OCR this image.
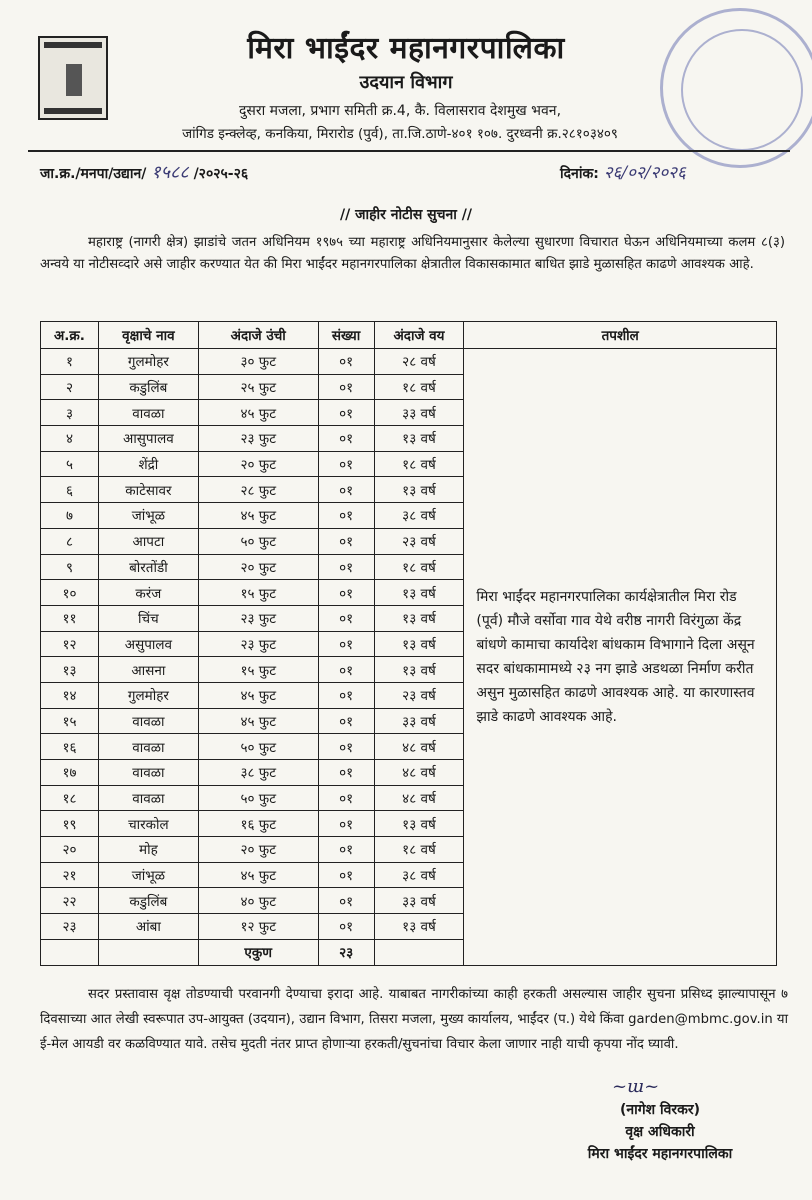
मिरा भाईंदर महानगरपालिका
उदयान विभाग
दुसरा मजला, प्रभाग समिती क्र.4, कै. विलासराव देशमुख भवन,
जांगिड इन्क्लेव्ह, कनकिया, मिरारोड (पुर्व), ता.जि.ठाणे-४०१ १०७. दुरध्वनी क्र.२८१०३४०९
जा.क्र./मनपा/उद्यान/ १५८८ /२०२५-२६	दिनांक: २६/०२/२०२६
// जाहीर नोटीस सुचना //
महाराष्ट्र (नागरी क्षेत्र) झाडांचे जतन अधिनियम १९७५ च्या महाराष्ट्र अधिनियमानुसार केलेल्या सुधारणा विचारात घेऊन अधिनियमाच्या कलम ८(३) अन्वये या नोटीसव्दारे असे जाहीर करण्यात येत की मिरा भाईंदर महानगरपालिका क्षेत्रातील विकासकामात बाधित झाडे मुळासहित काढणे आवश्यक आहे.
अ.क्र.	वृक्षाचे नाव	अंदाजे उंची	संख्या	अंदाजे वय	तपशील
१	गुलमोहर	३० फुट	०१	२८ वर्ष	मिरा भाईंदर महानगरपालिका कार्यक्षेत्रातील मिरा रोड (पूर्व) मौजे वर्सोवा गाव येथे वरीष्ठ नागरी विरंगुळा केंद्र बांधणे कामाचा कार्यादेश बांधकाम विभागाने दिला असून सदर बांधकामामध्ये २३ नग झाडे अडथळा निर्माण करीत असुन मुळासहित काढणे आवश्यक आहे. या कारणास्तव झाडे काढणे आवश्यक आहे.
२	कडुलिंब	२५ फुट	०१	१८ वर्ष	
३	वावळा	४५ फुट	०१	३३ वर्ष	
४	आसुपालव	२३ फुट	०१	१३ वर्ष	
५	शेंद्री	२० फुट	०१	१८ वर्ष	
६	काटेसावर	२८ फुट	०१	१३ वर्ष	
७	जांभूळ	४५ फुट	०१	३८ वर्ष	
८	आपटा	५० फुट	०१	२३ वर्ष	
९	बोरतोंडी	२० फुट	०१	१८ वर्ष	
१०	करंज	१५ फुट	०१	१३ वर्ष	
११	चिंच	२३ फुट	०१	१३ वर्ष	
१२	असुपालव	२३ फुट	०१	१३ वर्ष	
१३	आसना	१५ फुट	०१	१३ वर्ष	
१४	गुलमोहर	४५ फुट	०१	२३ वर्ष	
१५	वावळा	४५ फुट	०१	३३ वर्ष	
१६	वावळा	५० फुट	०१	४८ वर्ष	
१७	वावळा	३८ फुट	०१	४८ वर्ष	
१८	वावळा	५० फुट	०१	४८ वर्ष	
१९	चारकोल	१६ फुट	०१	१३ वर्ष	
२०	मोह	२० फुट	०१	१८ वर्ष	
२१	जांभूळ	४५ फुट	०१	३८ वर्ष	
२२	कडुलिंब	४० फुट	०१	३३ वर्ष	
२३	आंबा	१२ फुट	०१	१३ वर्ष	
		एकुण	२३		
सदर प्रस्तावास वृक्ष तोडण्याची परवानगी देण्याचा इरादा आहे. याबाबत नागरीकांच्या काही हरकती असल्यास जाहीर सुचना प्रसिध्द झाल्यापासून ७ दिवसाच्या आत लेखी स्वरूपात उप-आयुक्त (उदयान), उद्यान विभाग, तिसरा मजला, मुख्य कार्यालय, भाईंदर (प.) येथे किंवा garden@mbmc.gov.in या ई-मेल आयडी वर कळविण्यात यावे. तसेच मुदती नंतर प्राप्त होणाऱ्या हरकती/सुचनांचा विचार केला जाणार नाही याची कृपया नोंद घ्यावी.
~ɯ~
(नागेश विरकर)
वृक्ष अधिकारी
मिरा भाईंदर महानगरपालिका
